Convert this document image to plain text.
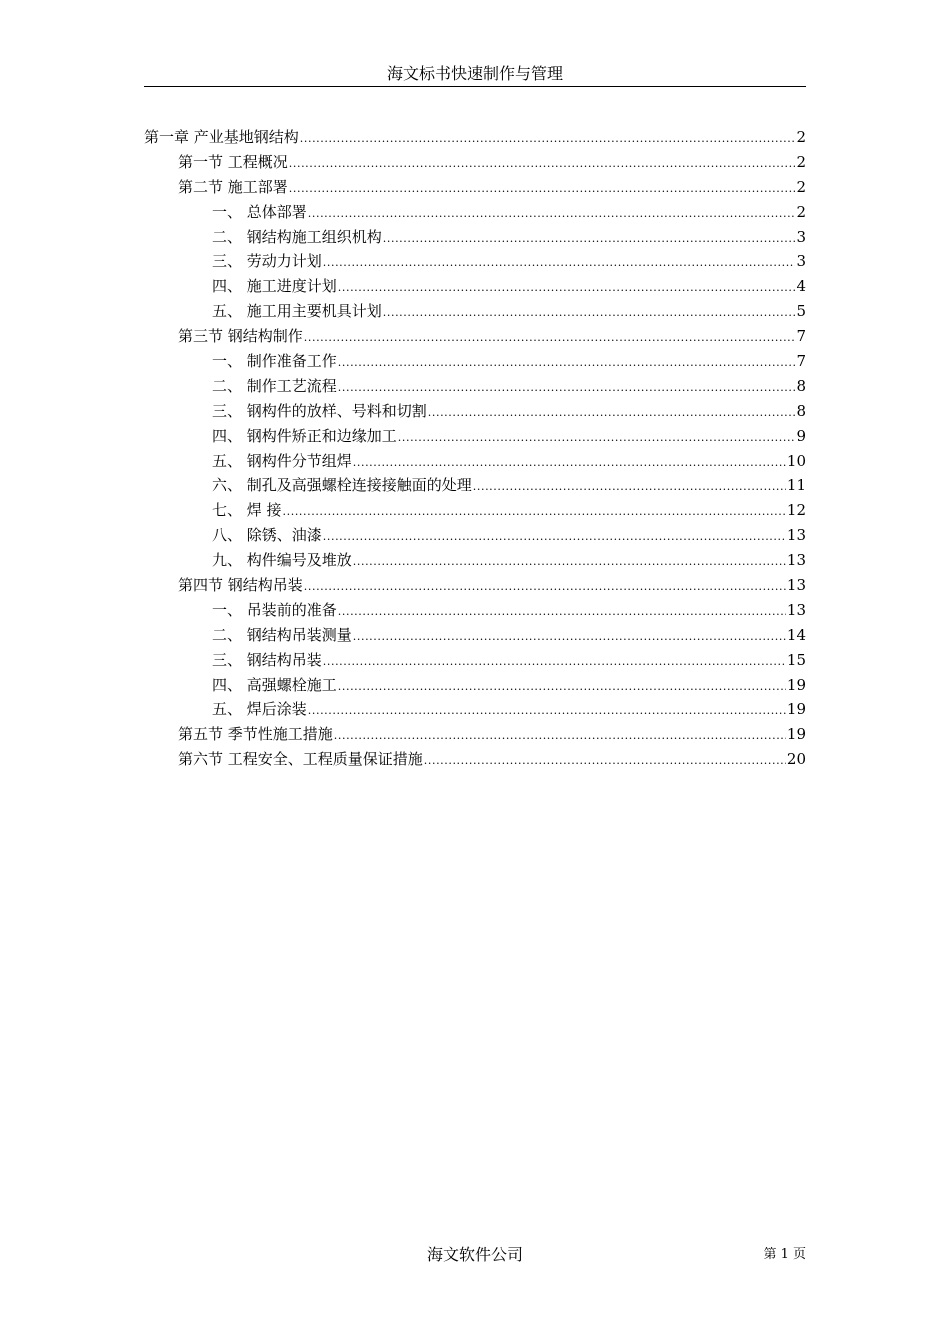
海文标书快速制作与管理
第一章 产业基地钢结构 .....	2
第一节 工程概况 .....	2
第二节 施工部署 .....	2
一、 总体部署 .....	2
二、 钢结构施工组织机构 .....	3
三、 劳动力计划 .....	3
四、 施工进度计划 .....	4
五、 施工用主要机具计划 .....	5
第三节 钢结构制作 .....	7
一、 制作准备工作 .....	7
二、 制作工艺流程 .....	8
三、 钢构件的放样、号料和切割 .....	8
四、 钢构件矫正和边缘加工 .....	9
五、 钢构件分节组焊 .....	10
六、 制孔及高强螺栓连接接触面的处理 .....	11
七、 焊 接 .....	12
八、 除锈、油漆 .....	13
九、 构件编号及堆放 .....	13
第四节 钢结构吊装 .....	13
一、 吊装前的准备 .....	13
二、 钢结构吊装测量 .....	14
三、 钢结构吊装 .....	15
四、 高强螺栓施工 .....	19
五、 焊后涂装 .....	19
第五节 季节性施工措施 .....	19
第六节 工程安全、工程质量保证措施 .....	20
海文软件公司	第 1 页
